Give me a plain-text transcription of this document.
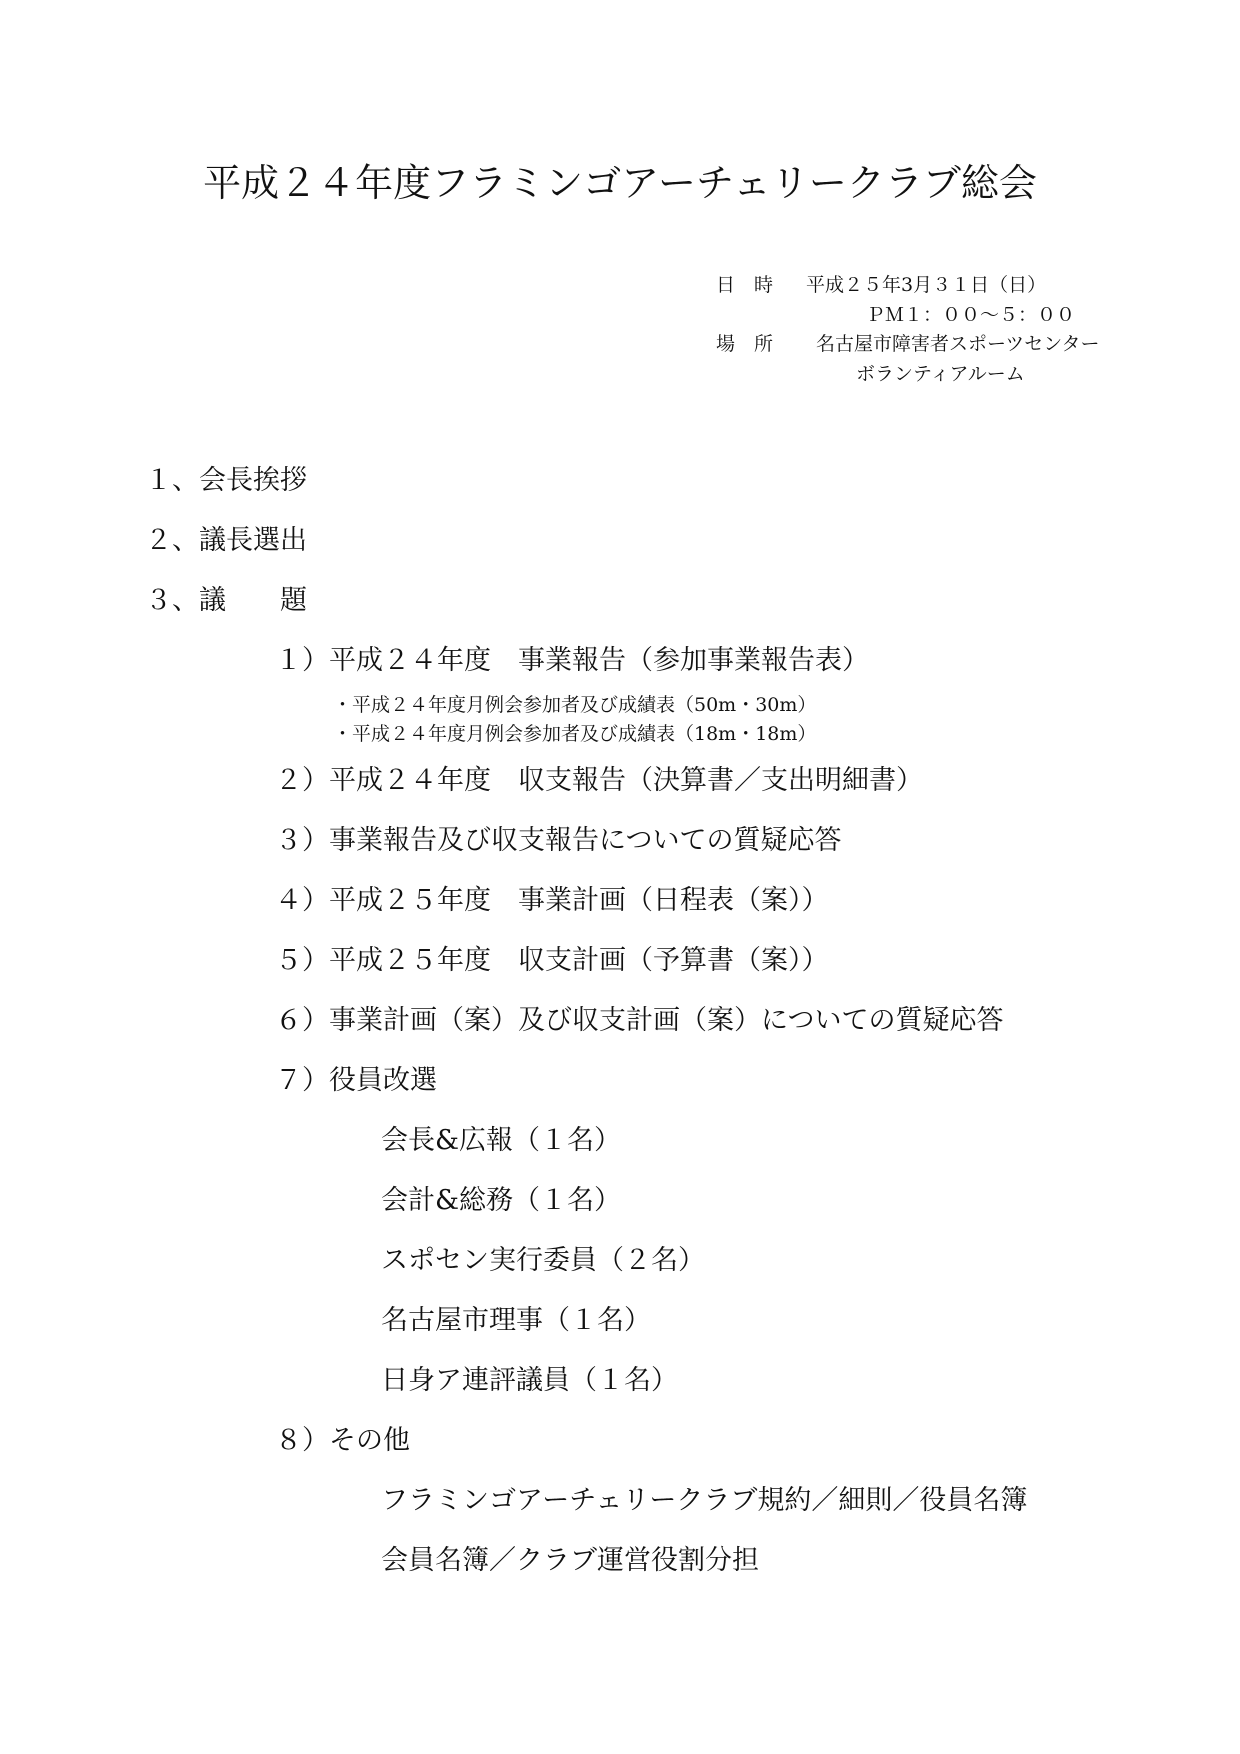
平成２４年度フラミンゴアーチェリークラブ総会
日　時 平成２５年3月３１日（日）
ＰＭ１：００～５：００
場　所 名古屋市障害者スポーツセンター
ボランティアルーム
１、会長挨拶
２、議長選出
３、議　　題
１）平成２４年度　事業報告（参加事業報告表）
・平成２４年度月例会参加者及び成績表（50m・30m）
・平成２４年度月例会参加者及び成績表（18m・18m）
２）平成２４年度　収支報告（決算書／支出明細書）
３）事業報告及び収支報告についての質疑応答
４）平成２５年度　事業計画（日程表（案））
５）平成２５年度　収支計画（予算書（案））
６）事業計画（案）及び収支計画（案）についての質疑応答
７）役員改選
会長&広報（１名）
会計&総務（１名）
スポセン実行委員（２名）
名古屋市理事（１名）
日身ア連評議員（１名）
８）その他
フラミンゴアーチェリークラブ規約／細則／役員名簿
会員名簿／クラブ運営役割分担
